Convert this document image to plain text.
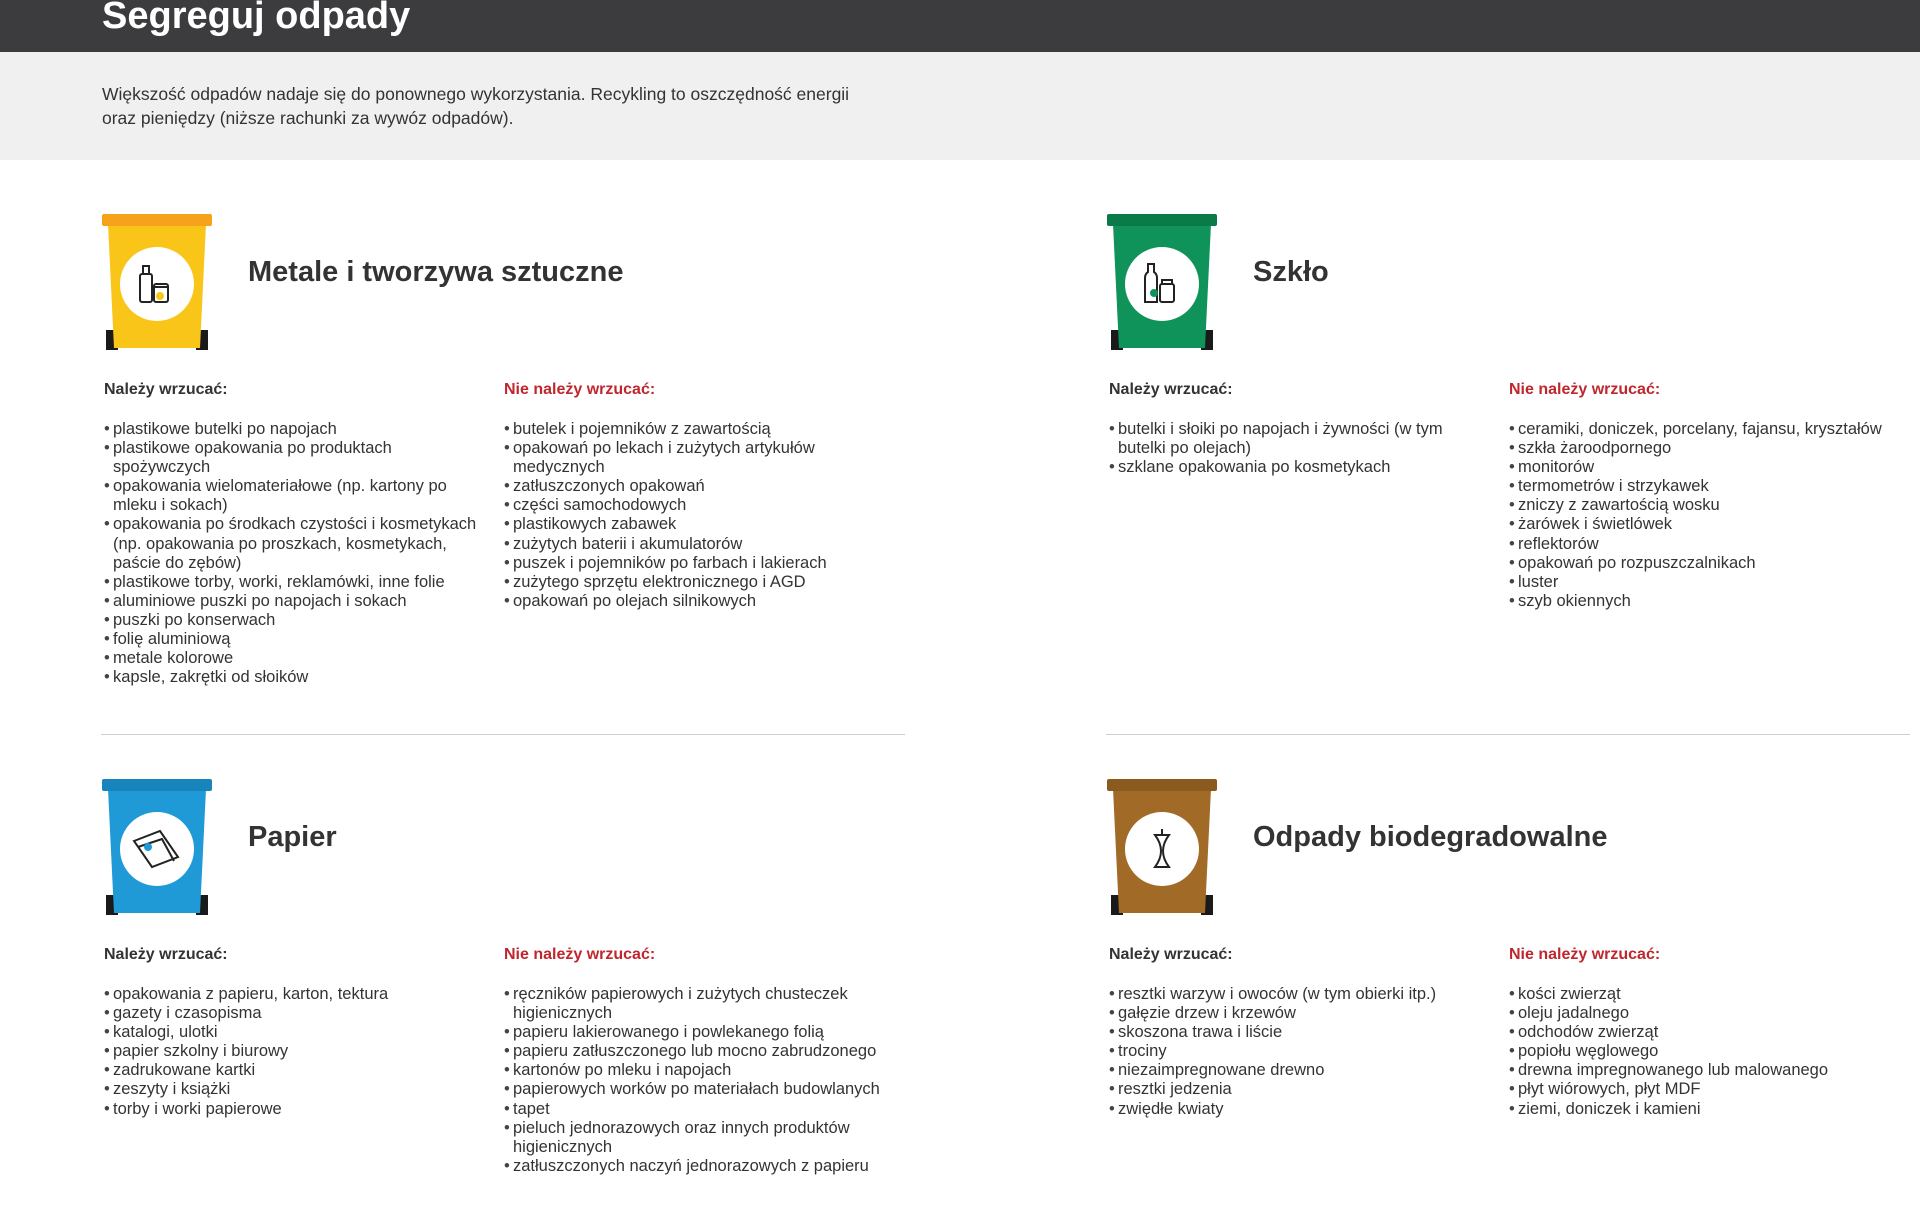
Segreguj odpady

Większość odpadów nadaje się do ponownego wykorzystania. Recykling to oszczędność energii
oraz pieniędzy (niższe rachunki za wywóz odpadów).

Metale i tworzywa sztuczne
Należy wrzucać:
• plastikowe butelki po napojach
• plastikowe opakowania po produktach spożywczych
• opakowania wielomateriałowe (np. kartony po mleku i sokach)
• opakowania po środkach czystości i kosmetykach (np. opakowania po proszkach, kosmetykach, paście do zębów)
• plastikowe torby, worki, reklamówki, inne folie
• aluminiowe puszki po napojach i sokach
• puszki po konserwach
• folię aluminiową
• metale kolorowe
• kapsle, zakrętki od słoików
Nie należy wrzucać:
• butelek i pojemników z zawartością
• opakowań po lekach i zużytych artykułów medycznych
• zatłuszczonych opakowań
• części samochodowych
• plastikowych zabawek
• zużytych baterii i akumulatorów
• puszek i pojemników po farbach i lakierach
• zużytego sprzętu elektronicznego i AGD
• opakowań po olejach silnikowych
Szkło
Należy wrzucać:
• butelki i słoiki po napojach i żywności (w tym butelki po olejach)
• szklane opakowania po kosmetykach
Nie należy wrzucać:
• ceramiki, doniczek, porcelany, fajansu, kryształów
• szkła żaroodpornego
• monitorów
• termometrów i strzykawek
• zniczy z zawartością wosku
• żarówek i świetlówek
• reflektorów
• opakowań po rozpuszczalnikach
• luster
• szyb okiennych
Papier
Należy wrzucać:
• opakowania z papieru, karton, tektura
• gazety i czasopisma
• katalogi, ulotki
• papier szkolny i biurowy
• zadrukowane kartki
• zeszyty i książki
• torby i worki papierowe
Nie należy wrzucać:
• ręczników papierowych i zużytych chusteczek higienicznych
• papieru lakierowanego i powlekanego folią
• papieru zatłuszczonego lub mocno zabrudzonego
• kartonów po mleku i napojach
• papierowych worków po materiałach budowlanych
• tapet
• pieluch jednorazowych oraz innych produktów higienicznych
• zatłuszczonych naczyń jednorazowych z papieru
Odpady biodegradowalne
Należy wrzucać:
• resztki warzyw i owoców (w tym obierki itp.)
• gałęzie drzew i krzewów
• skoszona trawa i liście
• trociny
• niezaimpregnowane drewno
• resztki jedzenia
• zwiędłe kwiaty
Nie należy wrzucać:
• kości zwierząt
• oleju jadalnego
• odchodów zwierząt
• popiołu węglowego
• drewna impregnowanego lub malowanego
• płyt wiórowych, płyt MDF
• ziemi, doniczek i kamieni
